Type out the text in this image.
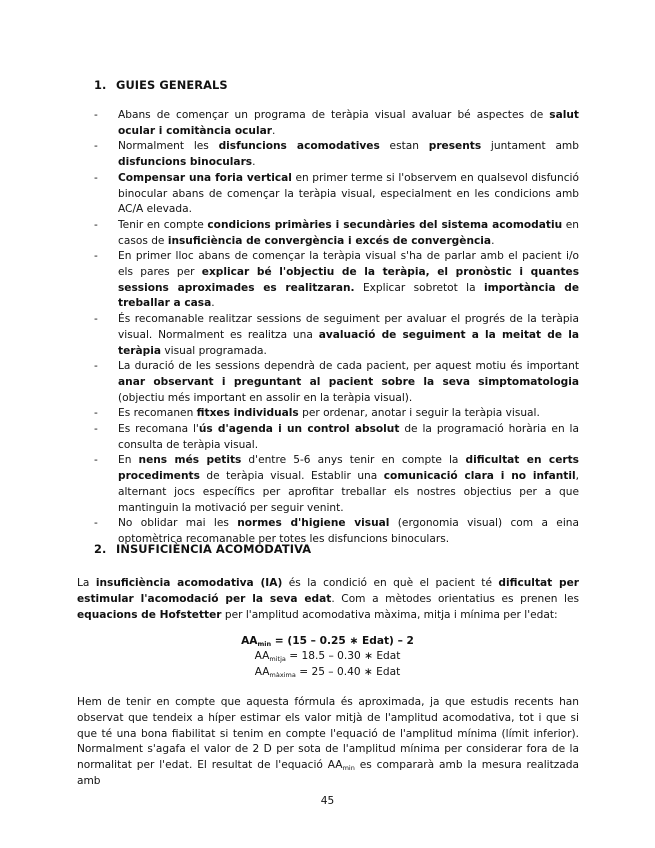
1. GUIES GENERALS
- Abans de començar un programa de teràpia visual avaluar bé aspectes de salut ocular i comitància ocular.
- Normalment les disfuncions acomodatives estan presents juntament amb disfuncions binoculars.
- Compensar una foria vertical en primer terme si l'observem en qualsevol disfunció binocular abans de començar la teràpia visual, especialment en les condicions amb AC/A elevada.
- Tenir en compte condicions primàries i secundàries del sistema acomodatiu en casos de insuficiència de convergència i excés de convergència.
- En primer lloc abans de començar la teràpia visual s'ha de parlar amb el pacient i/o els pares per explicar bé l'objectiu de la teràpia, el pronòstic i quantes sessions aproximades es realitzaran. Explicar sobretot la importància de treballar a casa.
- És recomanable realitzar sessions de seguiment per avaluar el progrés de la teràpia visual. Normalment es realitza una avaluació de seguiment a la meitat de la teràpia visual programada.
- La duració de les sessions dependrà de cada pacient, per aquest motiu és important anar observant i preguntant al pacient sobre la seva simptomatologia (objectiu més important en assolir en la teràpia visual).
- Es recomanen fitxes individuals per ordenar, anotar i seguir la teràpia visual.
- Es recomana l'ús d'agenda i un control absolut de la programació horària en la consulta de teràpia visual.
- En nens més petits d'entre 5-6 anys tenir en compte la dificultat en certs procediments de teràpia visual. Establir una comunicació clara i no infantil, alternant jocs específics per aprofitar treballar els nostres objectius per a que mantinguin la motivació per seguir venint.
- No oblidar mai les normes d'higiene visual (ergonomia visual) com a eina optomètrica recomanable per totes les disfuncions binoculars.
2. INSUFICIÈNCIA ACOMODATIVA

La insuficiència acomodativa (IA) és la condició en què el pacient té dificultat per estimular l'acomodació per la seva edat. Com a mètodes orientatius es prenen les equacions de Hofstetter per l'amplitud acomodativa màxima, mitja i mínima per l'edat:

$AA_{min} = (15 - 0.25$ ∗ Edat) – 2
$AA_{mitja} = 18.5 - 0.30$ ∗ Edat
$AA_{màxima} = 25 - 0.40$ ∗ Edat

Hem de tenir en compte que aquesta fórmula és aproximada, ja que estudis recents han observat que tendeix a híper estimar els valor mitjà de l'amplitud acomodativa, tot i que si que té una bona fiabilitat si tenim en compte l'equació de l'amplitud mínima (límit inferior). Normalment s'agafa el valor de 2 D per sota de l'amplitud mínima per considerar fora de la normalitat per l'edat. El resultat de l'equació $AA_{min}$ es compararà amb la mesura realitzada amb

45
